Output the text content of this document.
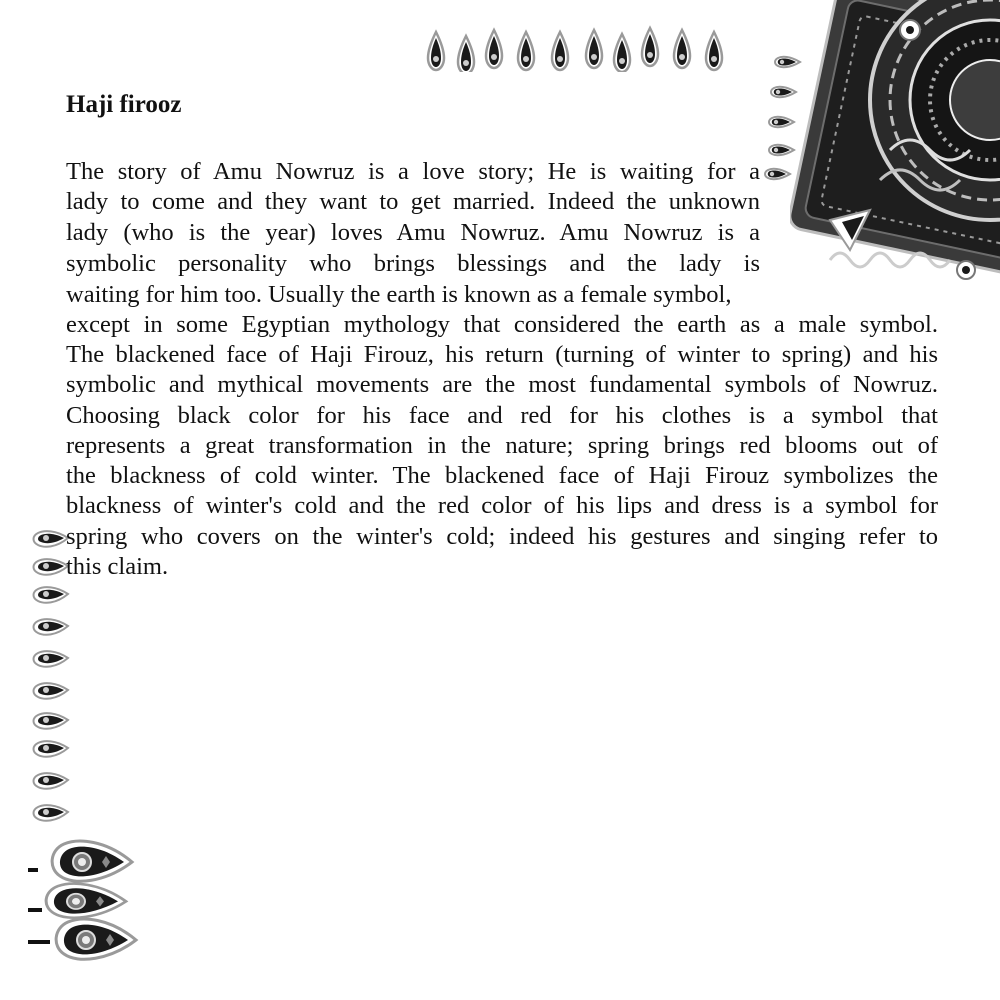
Haji firooz

The story of Amu Nowruz is a love story; He is waiting for a

lady to come and they want to get married. Indeed the unknown

lady (who is the year) loves Amu Nowruz. Amu Nowruz is a

symbolic personality who brings blessings and the lady is

waiting for him too. Usually the earth is known as a female symbol,

except in some Egyptian mythology that considered the earth as a male symbol.

The blackened face of Haji Firouz, his return (turning of winter to spring) and his

symbolic and mythical movements are the most fundamental symbols of Nowruz.

Choosing black color for his face and red for his clothes is a symbol that

represents a great transformation in the nature; spring brings red blooms out of

the blackness of cold winter. The blackened face of Haji Firouz symbolizes the

blackness of winter's cold and the red color of his lips and dress is a symbol for

spring who covers on the winter's cold; indeed his gestures and singing refer to

this claim.
